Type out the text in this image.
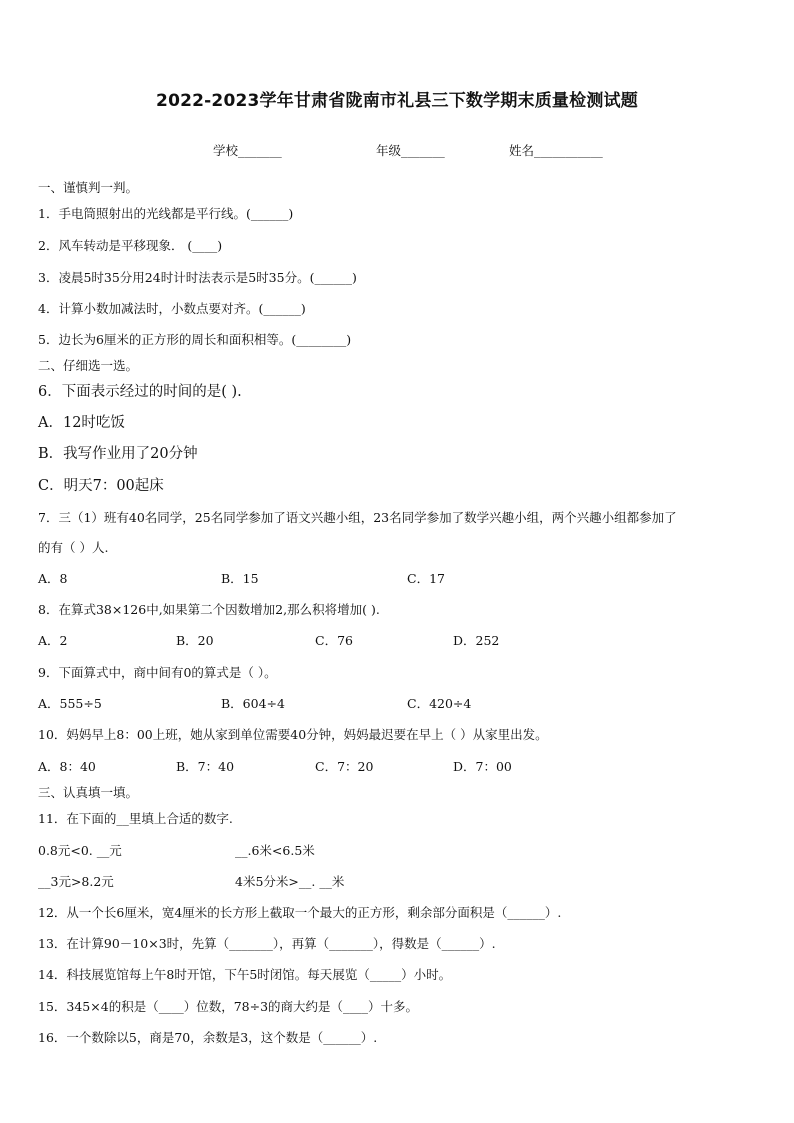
2022-2023学年甘肃省陇南市礼县三下数学期末质量检测试题
学校_______	年级_______	姓名___________
一、谨慎判一判。
1．手电筒照射出的光线都是平行线。(______)
2．风车转动是平移现象． (____)
3．凌晨5时35分用24时计时法表示是5时35分。(______)
4．计算小数加减法时，小数点要对齐。(______)
5．边长为6厘米的正方形的周长和面积相等。(________)
二、仔细选一选。
6．下面表示经过的时间的是( ).
A．12时吃饭
B．我写作业用了20分钟
C．明天7：00起床
7．三（1）班有40名同学，25名同学参加了语文兴趣小组，23名同学参加了数学兴趣小组，两个兴趣小组都参加了
的有（ ）人.
A．8	B．15	C．17
8．在算式38×126中,如果第二个因数增加2,那么积将增加( ).
A．2	B．20	C．76	D．252
9．下面算式中，商中间有0的算式是（ ）。
A．555÷5	B．604÷4	C．420÷4
10．妈妈早上8：00上班，她从家到单位需要40分钟，妈妈最迟要在早上（ ）从家里出发。
A．8：40	B．7：40	C．7：20	D．7：00
三、认真填一填。
11．在下面的__里填上合适的数字.
0.8元<0. __元	__.6米<6.5米
__3元>8.2元	4米5分米>__. __米
12．从一个长6厘米，宽4厘米的长方形上截取一个最大的正方形，剩余部分面积是（______）.
13．在计算90－10×3时，先算（_______），再算（_______），得数是（______）.
14．科技展览馆每上午8时开馆，下午5时闭馆。每天展览（_____）小时。
15．345×4的积是（____）位数，78÷3的商大约是（____）十多。
16．一个数除以5，商是70，余数是3，这个数是（______）.
